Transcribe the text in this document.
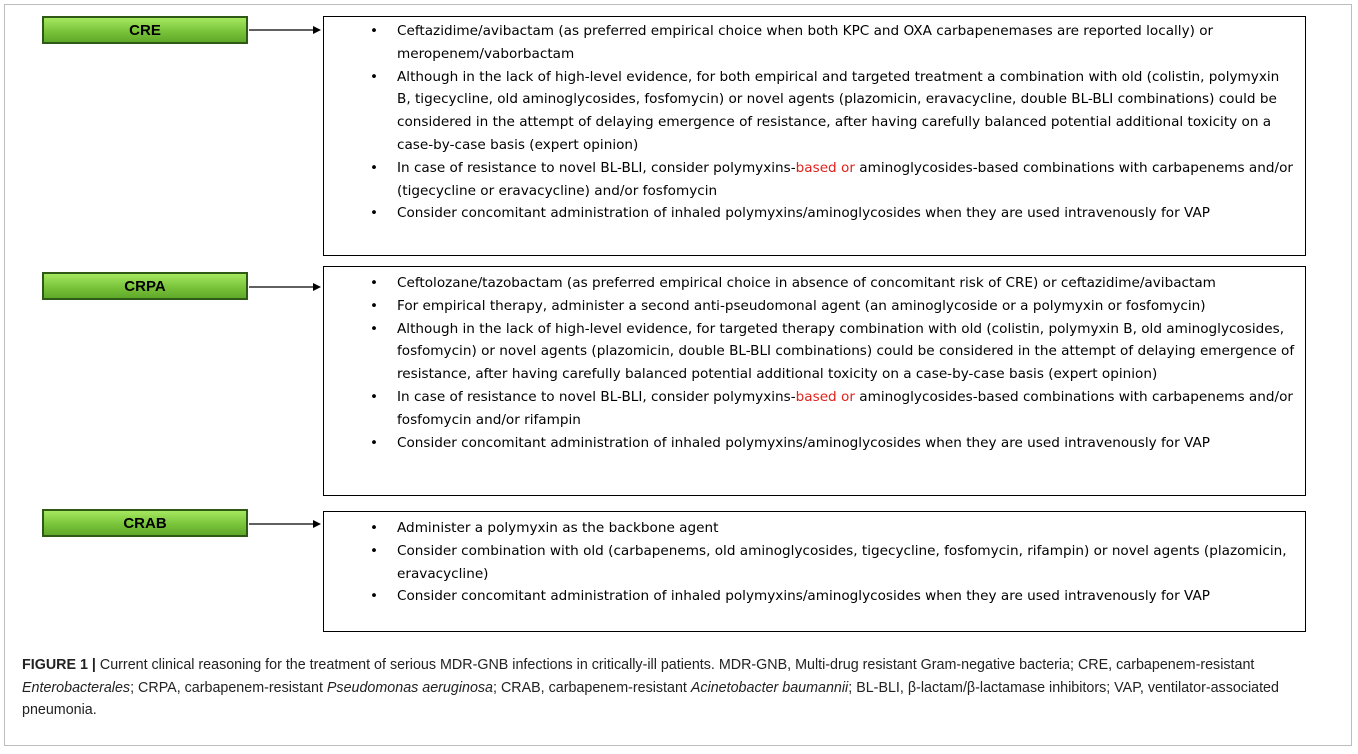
CRE	• Ceftazidime/avibactam (as preferred empirical choice when both KPC and OXA carbapenemases are reported locally) or meropenem/vaborbactam
• Although in the lack of high-level evidence, for both empirical and targeted treatment a combination with old (colistin, polymyxin B, tigecycline, old aminoglycosides, fosfomycin) or novel agents (plazomicin, eravacycline, double BL-BLI combinations) could be considered in the attempt of delaying emergence of resistance, after having carefully balanced potential additional toxicity on a case-by-case basis (expert opinion)
• In case of resistance to novel BL-BLI, consider polymyxins-based or aminoglycosides-based combinations with carbapenems and/or (tigecycline or eravacycline) and/or fosfomycin
• Consider concomitant administration of inhaled polymyxins/aminoglycosides when they are used intravenously for VAP
CRPA	• Ceftolozane/tazobactam (as preferred empirical choice in absence of concomitant risk of CRE) or ceftazidime/avibactam
• For empirical therapy, administer a second anti-pseudomonal agent (an aminoglycoside or a polymyxin or fosfomycin)
• Although in the lack of high-level evidence, for targeted therapy combination with old (colistin, polymyxin B, old aminoglycosides, fosfomycin) or novel agents (plazomicin, double BL-BLI combinations) could be considered in the attempt of delaying emergence of resistance, after having carefully balanced potential additional toxicity on a case-by-case basis (expert opinion)
• In case of resistance to novel BL-BLI, consider polymyxins-based or aminoglycosides-based combinations with carbapenems and/or fosfomycin and/or rifampin
• Consider concomitant administration of inhaled polymyxins/aminoglycosides when they are used intravenously for VAP
CRAB	• Administer a polymyxin as the backbone agent
• Consider combination with old (carbapenems, old aminoglycosides, tigecycline, fosfomycin, rifampin) or novel agents (plazomicin, eravacycline)
• Consider concomitant administration of inhaled polymyxins/aminoglycosides when they are used intravenously for VAP
FIGURE 1 | Current clinical reasoning for the treatment of serious MDR-GNB infections in critically-ill patients. MDR-GNB, Multi-drug resistant Gram-negative bacteria; CRE, carbapenem-resistant Enterobacterales; CRPA, carbapenem-resistant Pseudomonas aeruginosa; CRAB, carbapenem-resistant Acinetobacter baumannii; BL-BLI, β-lactam/β-lactamase inhibitors; VAP, ventilator-associated pneumonia.
